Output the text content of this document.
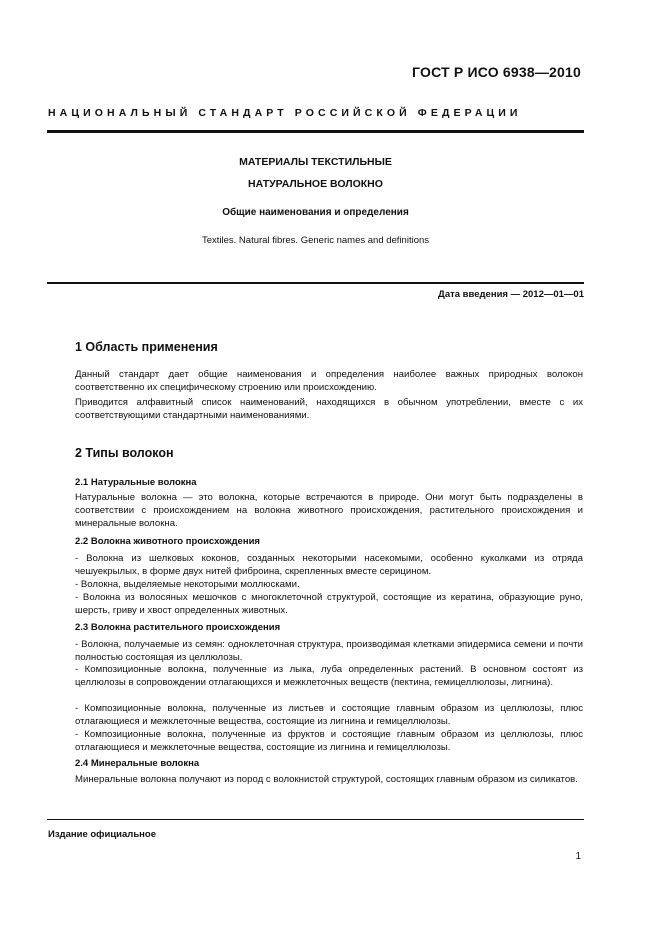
ГОСТ Р ИСО 6938—2010
НАЦИОНАЛЬНЫЙ СТАНДАРТ РОССИЙСКОЙ ФЕДЕРАЦИИ
МАТЕРИАЛЫ ТЕКСТИЛЬНЫЕ
НАТУРАЛЬНОЕ ВОЛОКНО
Общие наименования и определения
Textiles. Natural fibres. Generic names and definitions
Дата введения — 2012—01—01
1 Область применения
Данный стандарт дает общие наименования и определения наиболее важных природных волокон соответственно их специфическому строению или происхождению.
Приводится алфавитный список наименований, находящихся в обычном употреблении, вместе с их соответствующими стандартными наименованиями.
2 Типы волокон
2.1 Натуральные волокна
Натуральные волокна — это волокна, которые встречаются в природе. Они могут быть подразделены в соответствии с происхождением на волокна животного происхождения, растительного происхождения и минеральные волокна.
2.2 Волокна животного происхождения
- Волокна из шелковых коконов, созданных некоторыми насекомыми, особенно куколками из отряда чешуекрылых, в форме двух нитей фиброина, скрепленных вместе серицином.
- Волокна, выделяемые некоторыми моллюсками.
- Волокна из волосяных мешочков с многоклеточной структурой, состоящие из кератина, образующие руно, шерсть, гриву и хвост определенных животных.
2.3 Волокна растительного происхождения
- Волокна, получаемые из семян: одноклеточная структура, производимая клетками эпидермиса семени и почти полностью состоящая из целлюлозы.
- Композиционные волокна, полученные из лыка, луба определенных растений. В основном состоят из целлюлозы в сопровождении отлагающихся и межклеточных веществ (пектина, гемицеллюлозы, лигнина).
- Композиционные волокна, полученные из листьев и состоящие главным образом из целлюлозы, плюс отлагающиеся и межклеточные вещества, состоящие из лигнина и гемицеллюлозы.
- Композиционные волокна, полученные из фруктов и состоящие главным образом из целлюлозы, плюс отлагающиеся и межклеточные вещества, состоящие из лигнина и гемицеллюлозы.
2.4 Минеральные волокна
Минеральные волокна получают из пород с волокнистой структурой, состоящих главным образом из силикатов.
Издание официальное
1
